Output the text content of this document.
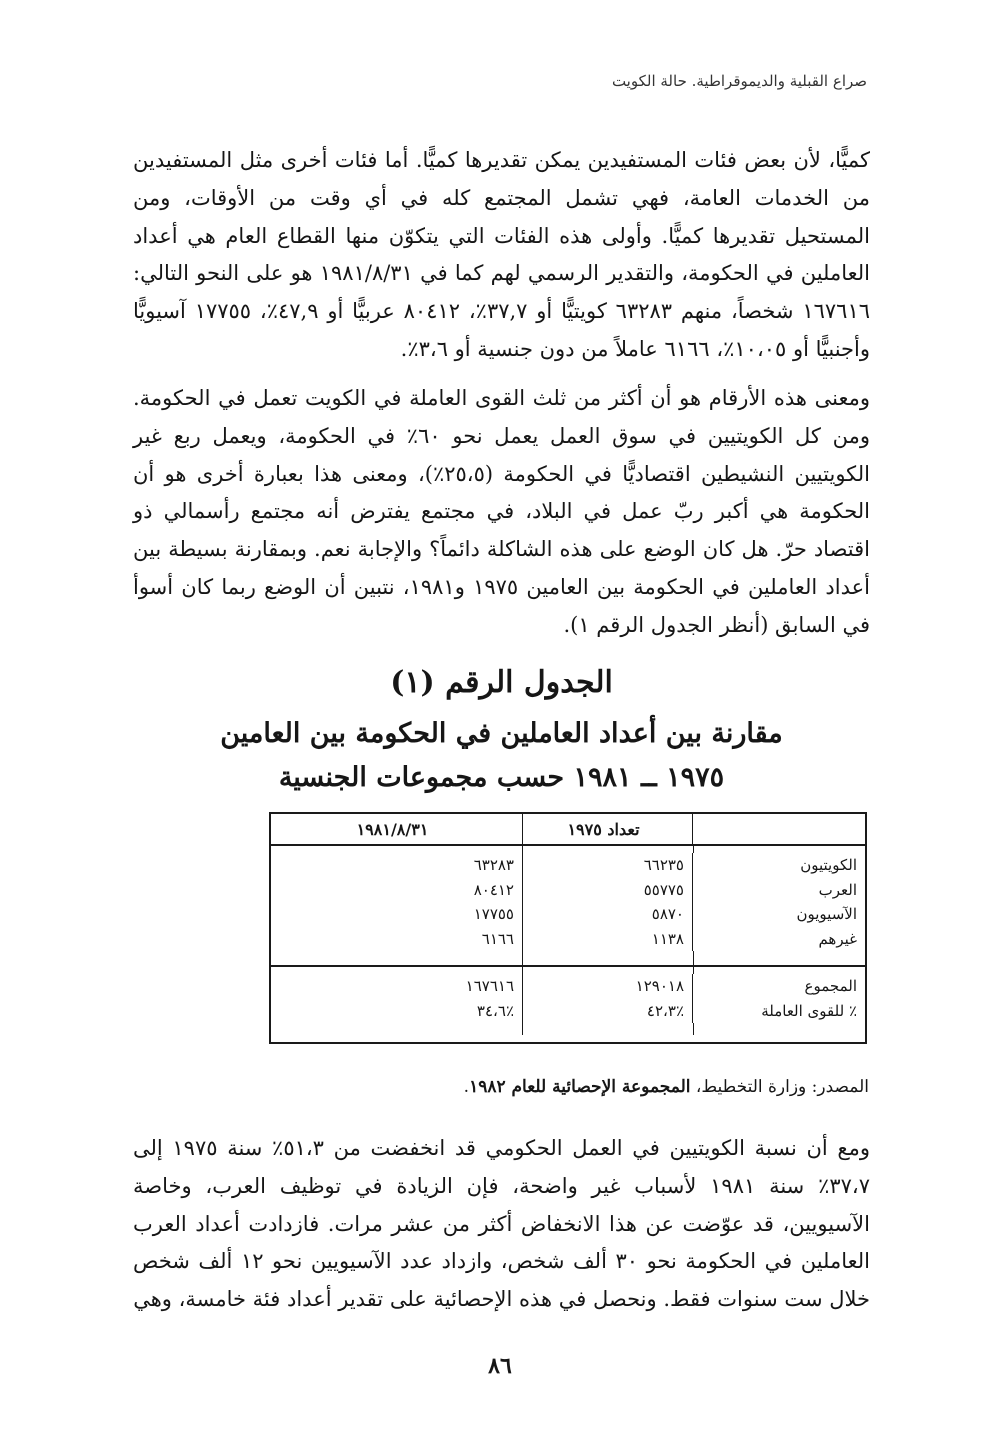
صراع القبلية والديموقراطية. حالة الكويت

كميًّا، لأن بعض فئات المستفيدين يمكن تقديرها كميًّا. أما فئات أخرى مثل المستفيدين من الخدمات العامة، فهي تشمل المجتمع كله في أي وقت من الأوقات، ومن المستحيل تقديرها كميًّا. وأولى هذه الفئات التي يتكوّن منها القطاع العام هي أعداد العاملين في الحكومة، والتقدير الرسمي لهم كما في ١٩٨١/٨/٣١ هو على النحو التالي: ١٦٧٦١٦ شخصاً، منهم ٦٣٢٨٣ كويتيًّا أو ٣٧,٧٪، ٨٠٤١٢ عربيًّا أو ٤٧,٩٪، ١٧٧٥٥ آسيويًّا وأجنبيًّا أو ١٠،٠٥٪، ٦١٦٦ عاملاً من دون جنسية أو ٣،٦٪.

ومعنى هذه الأرقام هو أن أكثر من ثلث القوى العاملة في الكويت تعمل في الحكومة. ومن كل الكويتيين في سوق العمل يعمل نحو ٦٠٪ في الحكومة، ويعمل ربع غير الكويتيين النشيطين اقتصاديًّا في الحكومة (٢٥،٥٪)، ومعنى هذا بعبارة أخرى هو أن الحكومة هي أكبر ربّ عمل في البلاد، في مجتمع يفترض أنه مجتمع رأسمالي ذو اقتصاد حرّ. هل كان الوضع على هذه الشاكلة دائماً؟ والإجابة نعم. وبمقارنة بسيطة بين أعداد العاملين في الحكومة بين العامين ١٩٧٥ و١٩٨١، نتبين أن الوضع ربما كان أسوأ في السابق (أنظر الجدول الرقم ١).

الجدول الرقم (١)
مقارنة بين أعداد العاملين في الحكومة بين العامين
١٩٧٥ ــ ١٩٨١ حسب مجموعات الجنسية
تعداد ١٩٧٥
١٩٨١/٨/٣١
الكويتيون
٦٦٢٣٥
٦٣٢٨٣
العرب
٥٥٧٧٥
٨٠٤١٢
الآسيويون
٥٨٧٠
١٧٧٥٥
غيرهم
١١٣٨
٦١٦٦
المجموع
١٢٩٠١٨
١٦٧٦١٦
٪ للقوى العاملة
٪٤٢،٣
٪٣٤،٦
المصدر: وزارة التخطيط، المجموعة الإحصائية للعام ١٩٨٢.

ومع أن نسبة الكويتيين في العمل الحكومي قد انخفضت من ٥١،٣٪ سنة ١٩٧٥ إلى ٣٧،٧٪ سنة ١٩٨١ لأسباب غير واضحة، فإن الزيادة في توظيف العرب، وخاصة الآسيويين، قد عوّضت عن هذا الانخفاض أكثر من عشر مرات. فازدادت أعداد العرب العاملين في الحكومة نحو ٣٠ ألف شخص، وازداد عدد الآسيويين نحو ١٢ ألف شخص خلال ست سنوات فقط. ونحصل في هذه الإحصائية على تقدير أعداد فئة خامسة، وهي

٨٦
